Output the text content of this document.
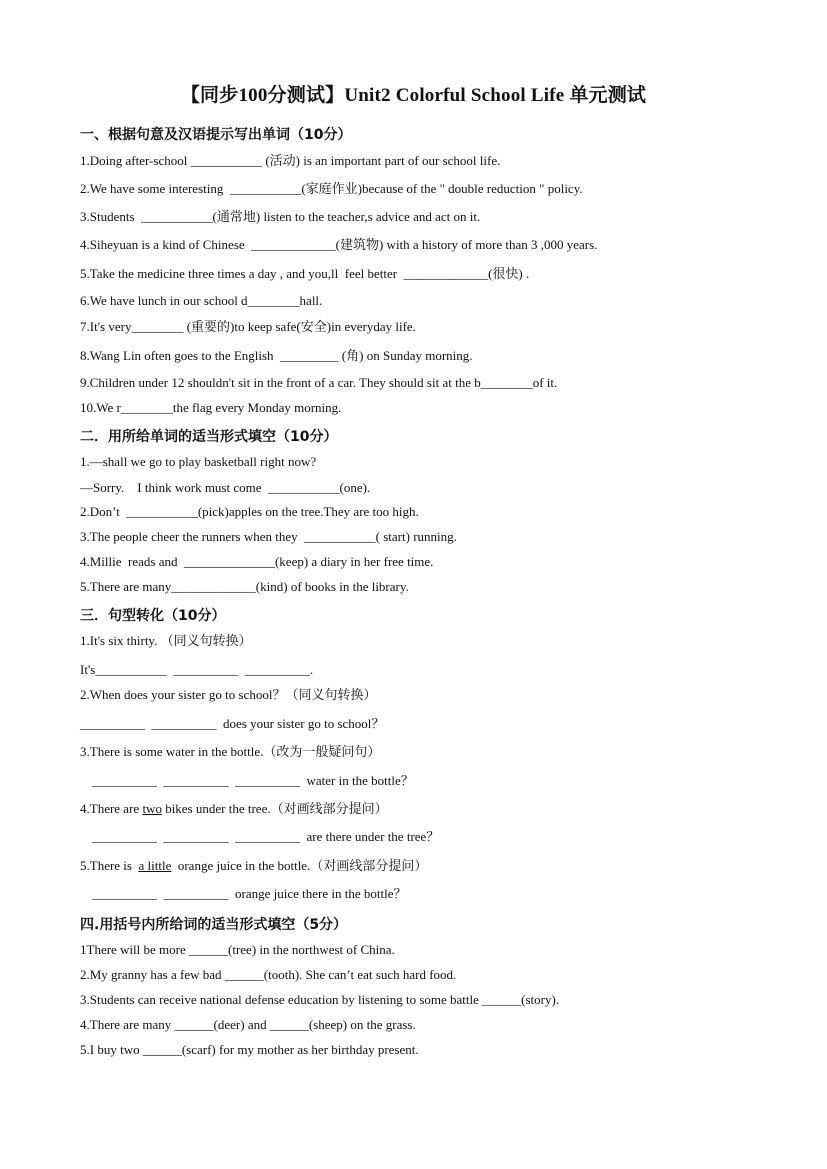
【同步100分测试】Unit2 Colorful School Life 单元测试
一、根据句意及汉语提示写出单词（10分）
1.Doing after-school ___________ (活动) is an important part of our school life.
2.We have some interesting  ___________(家庭作业)because of the " double reduction " policy.
3.Students  ___________(通常地) listen to the teacher,s advice and act on it.
4.Siheyuan is a kind of Chinese  _____________(建筑物) with a history of more than 3 ,000 years.
5.Take the medicine three times a day , and you,ll  feel better  _____________(很快) .
6.We have lunch in our school d________hall.
7.It's very________ (重要的)to keep safe(安全)in everyday life.
8.Wang Lin often goes to the English  _________ (角) on Sunday morning.
9.Children under 12 shouldn't sit in the front of a car. They should sit at the b________of it.
10.We r________the flag every Monday morning.
二．用所给单词的适当形式填空（10分）
1.—shall we go to play basketball right now?
—Sorry.    I think work must come  ___________(one).
2.Don’t  ___________(pick)apples on the tree.They are too high.
3.The people cheer the runners when they  ___________( start) running.
4.Millie  reads and  ______________(keep) a diary in her free time.
5.There are many_____________(kind) of books in the library.
三．句型转化（10分）
1.It's six thirty. （同义句转换）
It's___________  __________  __________.
2.When does your sister go to school？（同义句转换）
__________  __________  does your sister go to school？
3.There is some water in the bottle.（改为一般疑问句）
__________  __________  __________  water in the bottle？
4.There are two bikes under the tree.（对画线部分提问）
__________  __________  __________  are there under the tree？
5.There is  a little  orange juice in the bottle.（对画线部分提问）
__________  __________  orange juice there in the bottle？
四.用括号内所给词的适当形式填空（5分）
1There will be more ______(tree) in the northwest of China.
2.My granny has a few bad ______(tooth). She can’t eat such hard food.
3.Students can receive national defense education by listening to some battle ______(story).
4.There are many ______(deer) and ______(sheep) on the grass.
5.I buy two ______(scarf) for my mother as her birthday present.
